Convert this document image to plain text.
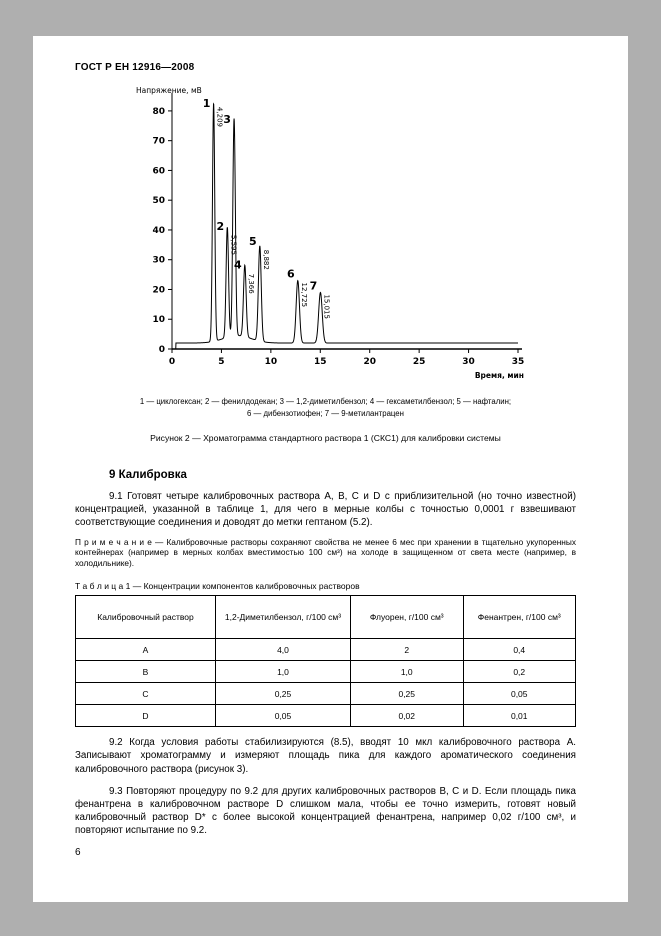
ГОСТ Р ЕН 12916—2008
0
10
20
30
40
50
60
70
80
0	5	10	15	20	25	30	35
Напряжение, мВ
Время, мин
1
4,209
2
5,595
3
4
7,366
5
8,882
6
12,725 7
15,015
1 — циклогексан; 2 — фенилдодекан; 3 — 1,2-диметилбензол; 4 — гексаметилбензол; 5 — нафталин;
6 — дибензотиофен; 7 — 9-метилантрацен
Рисунок 2 — Хроматограмма стандартного раствора 1 (СКС1) для калибровки системы
9 Калибровка

9.1 Готовят четыре калибровочных раствора A, B, C и D с приблизительной (но точно известной) концентрацией, указанной в таблице 1, для чего в мерные колбы с точностью 0,0001 г взвешивают соответствующие соединения и доводят до метки гептаном (5.2).

П р и м е ч а н и е — Калибровочные растворы сохраняют свойства не менее 6 мес при хранении в тщательно укупоренных контейнерах (например в мерных колбах вместимостью 100 см³) на холоде в защищенном от света месте (например, в холодильнике).

Т а б л и ц а 1 — Концентрации компонентов калибровочных растворов
Калибровочный раствор	1,2-Диметилбензол, г/100 см³	Флуорен, г/100 см³	Фенантрен, г/100 см³
A	4,0	2	0,4
B	1,0	1,0	0,2
C	0,25	0,25	0,05
D	0,05	0,02	0,01

9.2 Когда условия работы стабилизируются (8.5), вводят 10 мкл калибровочного раствора A. Записывают хроматограмму и измеряют площадь пика для каждого ароматического соединения калибровочного раствора (рисунок 3).

9.3 Повторяют процедуру по 9.2 для других калибровочных растворов B, C и D. Если площадь пика фенантрена в калибровочном растворе D слишком мала, чтобы ее точно измерить, готовят новый калибровочный раствор D* с более высокой концентрацией фенантрена, например 0,02 г/100 см³, и повторяют испытание по 9.2.

6
